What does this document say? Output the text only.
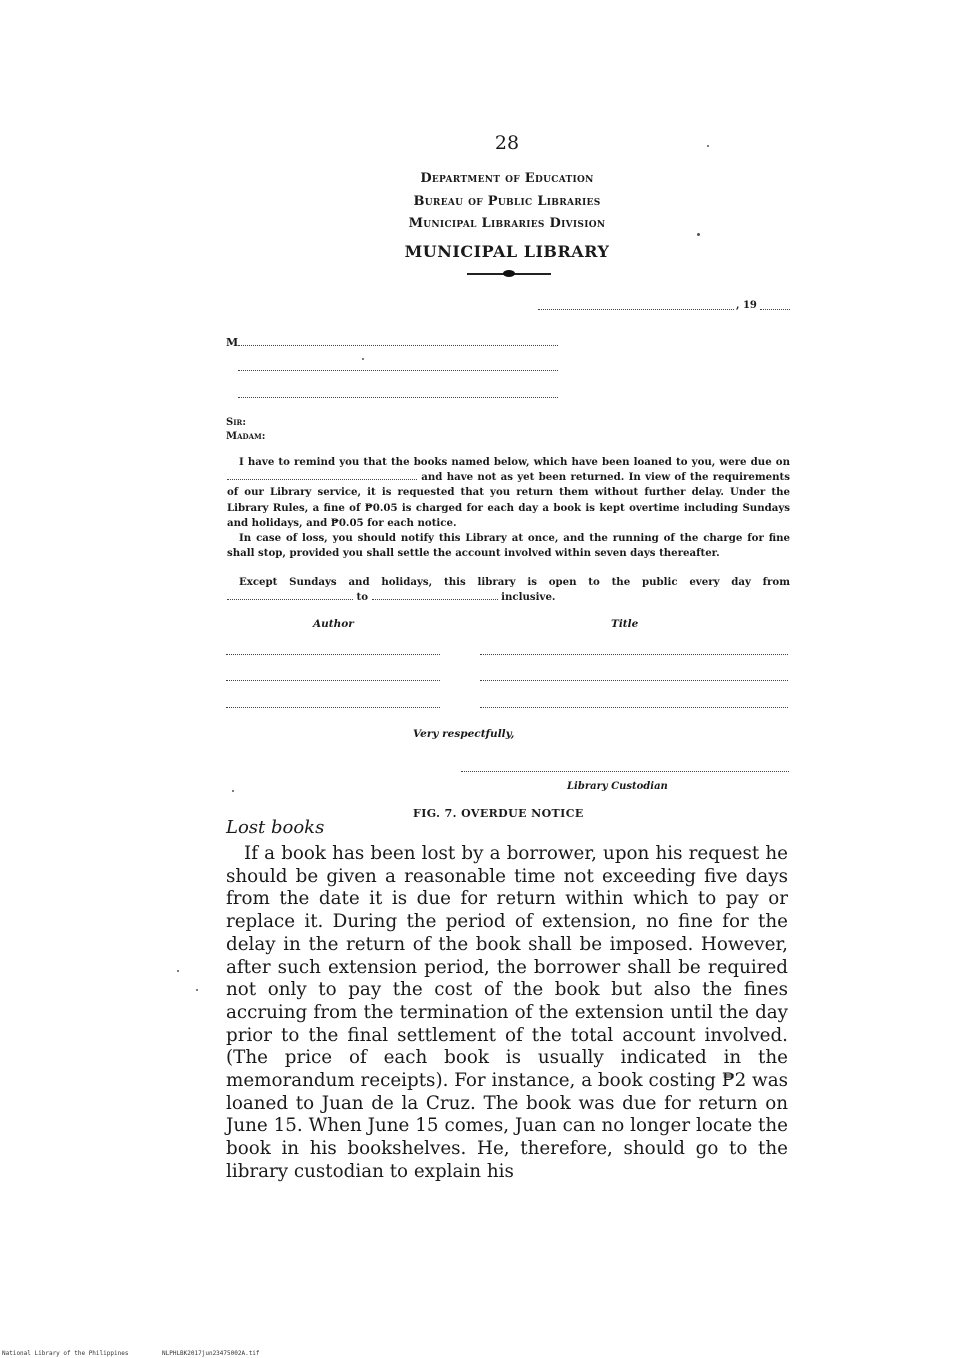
28
Department of Education
Bureau of Public Libraries
Municipal Libraries Division
MUNICIPAL LIBRARY
, 19
M
Sir:
Madam:
I have to remind you that the books named below, which have been loaned to you, were due on  and have not as yet been returned. In view of the requirements of our Library service, it is requested that you return them without further delay. Under the Library Rules, a fine of ₱0.05 is charged for each day a book is kept overtime including Sundays and holidays, and ₱0.05 for each notice.
In case of loss, you should notify this Library at once, and the running of the charge for fine shall stop, provided you shall settle the account involved within seven days thereafter.
Except Sundays and holidays, this library is open to the public every day from  to	inclusive.
Author	Title
Very respectfully,
Library Custodian
FIG. 7. OVERDUE NOTICE
Lost books
If a book has been lost by a borrower, upon his request he should be given a reasonable time not exceeding five days from the date it is due for return within which to pay or replace it. During the period of extension, no fine for the delay in the return of the book shall be imposed. However, after such extension period, the borrower shall be required not only to pay the cost of the book but also the fines accruing from the termination of the extension until the day prior to the final settlement of the total account involved. (The price of each book is usually indicated in the memorandum receipts). For instance, a book costing ₱2 was loaned to Juan de la Cruz. The book was due for return on June 15. When June 15 comes, Juan can no longer locate the book in his bookshelves. He, therefore, should go to the library custodian to explain his
National Library of the Philippines	NLPHLBK2017jun23475002A.tif
